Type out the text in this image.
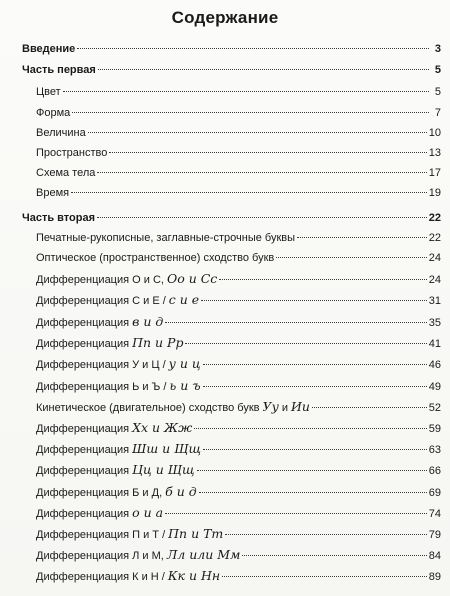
Содержание
Введение	3
Часть первая	5
Цвет	5
Форма	7
Величина	10
Пространство	13
Схема тела	17
Время	19
Часть вторая	22
Печатные-рукописные, заглавные-строчные буквы	22
Оптическое (пространственное) сходство букв	24
Дифференциация О и С, Оо и Сс	24
Дифференциация С и Е / с и е	31
Дифференциация в и д	35
Дифференциация Пп и Рр	41
Дифференциация У и Ц / у и ц	46
Дифференциация Ь и Ъ / ь и ъ	49
Кинетическое (двигательное) сходство букв Уу и Ии	52
Дифференциация Хх и Жж	59
Дифференциация Шш и Щщ	63
Дифференциация Цц и Щщ	66
Дифференциация Б и Д, б и д	69
Дифференциация о и а	74
Дифференциация П и Т / Пп и Тт	79
Дифференциация Л и М, Лл или Мм	84
Дифференциация К и Н / Кк и Нн	89
